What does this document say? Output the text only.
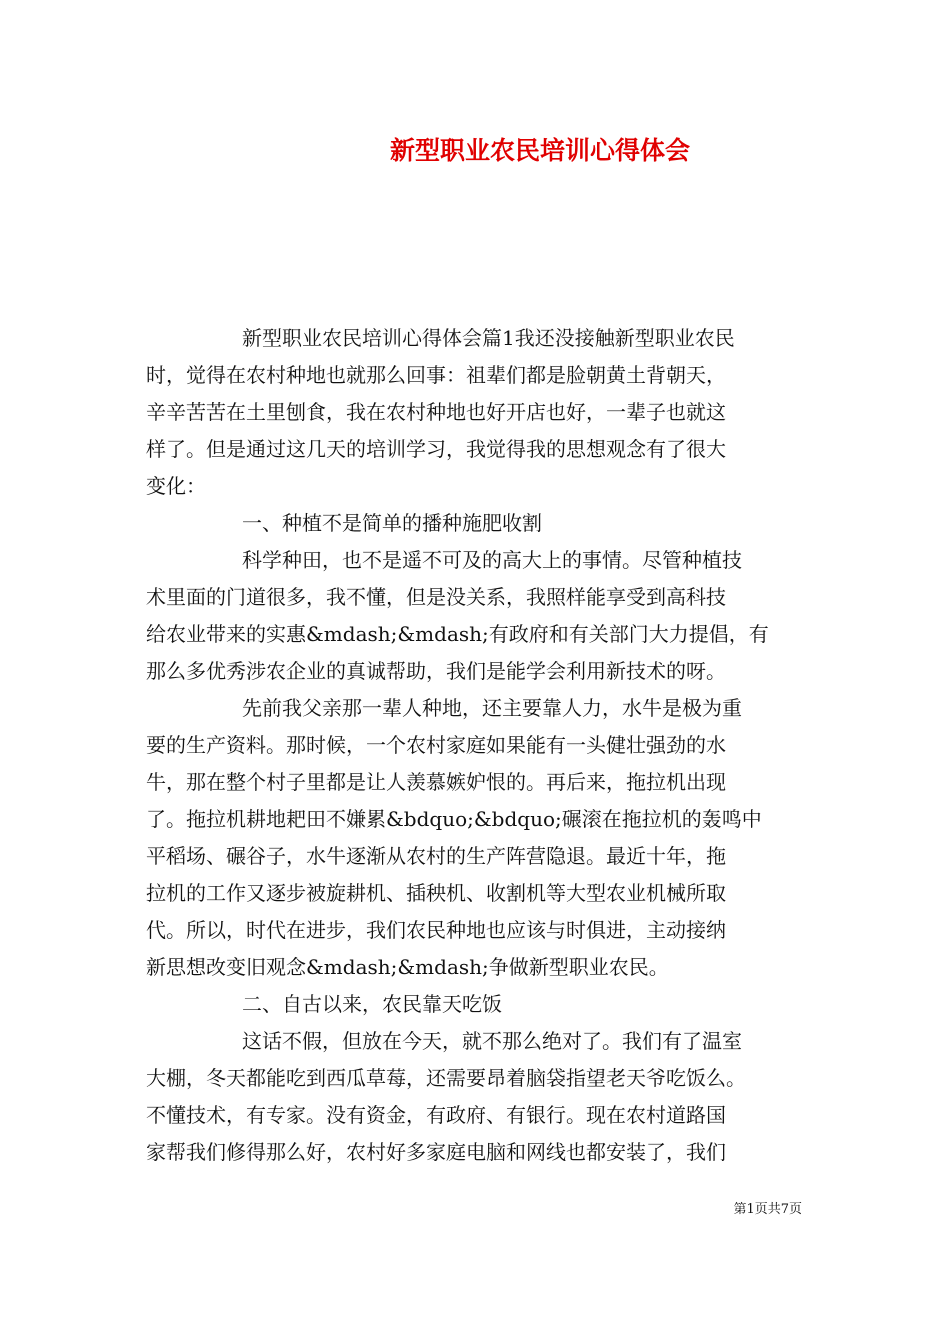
新型职业农民培训心得体会
新型职业农民培训心得体会篇1我还没接触新型职业农民
时，觉得在农村种地也就那么回事：祖辈们都是脸朝黄土背朝天，
辛辛苦苦在土里刨食，我在农村种地也好开店也好，一辈子也就这
样了。但是通过这几天的培训学习，我觉得我的思想观念有了很大
变化：
一、种植不是简单的播种施肥收割
科学种田，也不是遥不可及的高大上的事情。尽管种植技
术里面的门道很多，我不懂，但是没关系，我照样能享受到高科技
给农业带来的实惠&mdash;&mdash;有政府和有关部门大力提倡，有
那么多优秀涉农企业的真诚帮助，我们是能学会利用新技术的呀。
先前我父亲那一辈人种地，还主要靠人力，水牛是极为重
要的生产资料。那时候，一个农村家庭如果能有一头健壮强劲的水
牛，那在整个村子里都是让人羡慕嫉妒恨的。再后来，拖拉机出现
了。拖拉机耕地耙田不嫌累&bdquo;&bdquo;碾滚在拖拉机的轰鸣中
平稻场、碾谷子，水牛逐渐从农村的生产阵营隐退。最近十年，拖
拉机的工作又逐步被旋耕机、插秧机、收割机等大型农业机械所取
代。所以，时代在进步，我们农民种地也应该与时俱进，主动接纳
新思想改变旧观念&mdash;&mdash;争做新型职业农民。
二、自古以来，农民靠天吃饭
这话不假，但放在今天，就不那么绝对了。我们有了温室
大棚，冬天都能吃到西瓜草莓，还需要昂着脑袋指望老天爷吃饭么。
不懂技术，有专家。没有资金，有政府、有银行。现在农村道路国
家帮我们修得那么好，农村好多家庭电脑和网线也都安装了，我们
第1页共7页
